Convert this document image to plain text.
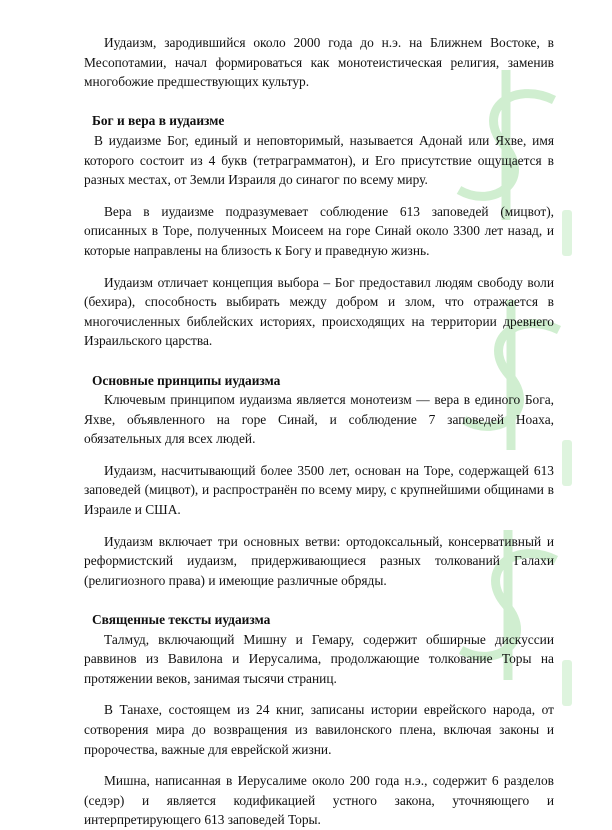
Иудаизм, зародившийся около 2000 года до н.э. на Ближнем Востоке, в Месопотамии, начал формироваться как монотеистическая религия, заменив многобожие предшествующих культур.

Бог и вера в иудаизме

В иудаизме Бог, единый и неповторимый, называется Адонай или Яхве, имя которого состоит из 4 букв (тетраграмматон), и Его присутствие ощущается в разных местах, от Земли Израиля до синагог по всему миру.

Вера в иудаизме подразумевает соблюдение 613 заповедей (мицвот), описанных в Торе, полученных Моисеем на горе Синай около 3300 лет назад, и которые направлены на близость к Богу и праведную жизнь.

Иудаизм отличает концепция выбора – Бог предоставил людям свободу воли (бехира), способность выбирать между добром и злом, что отражается в многочисленных библейских историях, происходящих на территории древнего Израильского царства.

Основные принципы иудаизма

Ключевым принципом иудаизма является монотеизм — вера в единого Бога, Яхве, объявленного на горе Синай, и соблюдение 7 заповедей Ноаха, обязательных для всех людей.

Иудаизм, насчитывающий более 3500 лет, основан на Торе, содержащей 613 заповедей (мицвот), и распространён по всему миру, с крупнейшими общинами в Израиле и США.

Иудаизм включает три основных ветви: ортодоксальный, консервативный и реформистский иудаизм, придерживающиеся разных толкований Галахи (религиозного права) и имеющие различные обряды.

Священные тексты иудаизма

Талмуд, включающий Мишну и Гемару, содержит обширные дискуссии раввинов из Вавилона и Иерусалима, продолжающие толкование Торы на протяжении веков, занимая тысячи страниц.

В Танахе, состоящем из 24 книг, записаны истории еврейского народа, от сотворения мира до возвращения из вавилонского плена, включая законы и пророчества, важные для еврейской жизни.

Мишна, написанная в Иерусалиме около 200 года н.э., содержит 6 разделов (седэр) и является кодификацией устного закона, уточняющего и интерпретирующего 613 заповедей Торы.
